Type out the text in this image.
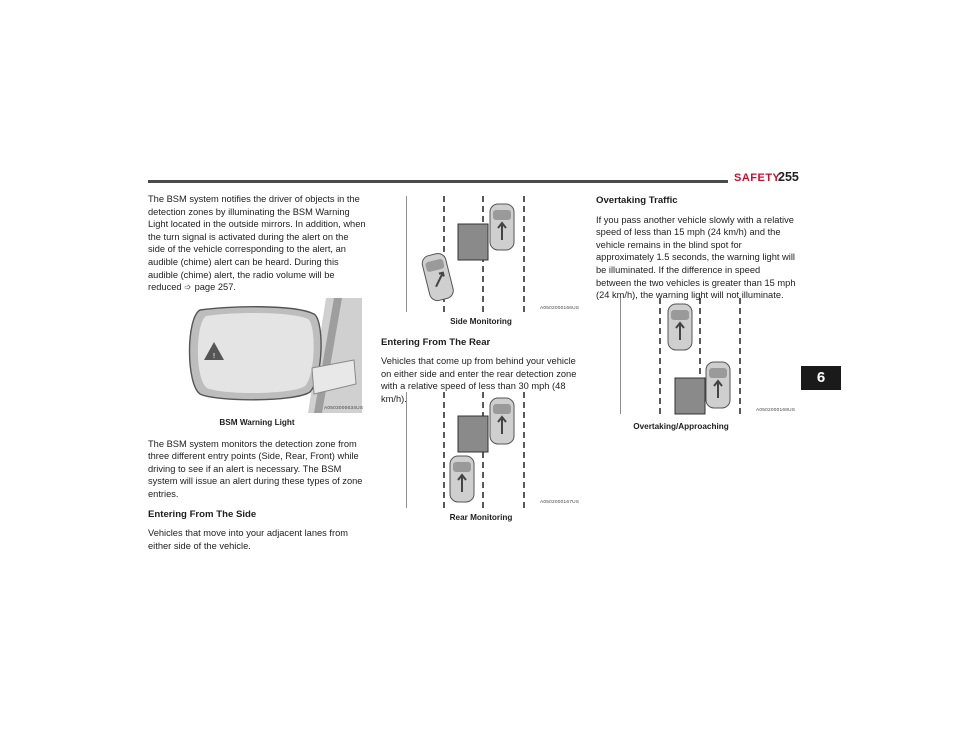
SAFETY
255

The BSM system notifies the driver of objects in the detection zones by illuminating the BSM Warning Light located in the outside mirrors. In addition, when the turn signal is activated during the alert on the side of the vehicle corresponding to the alert, an audible (chime) alert can be heard. During this audible (chime) alert, the radio volume will be reduced ➩ page 257.

!
A0503000634US
BSM Warning Light

The BSM system monitors the detection zone from three different entry points (Side, Rear, Front) while driving to see if an alert is necessary. The BSM system will issue an alert during these types of zone entries.

Entering From The Side

Vehicles that move into your adjacent lanes from either side of the vehicle.

A0502000166US
Side Monitoring
Entering From The Rear

Vehicles that come up from behind your vehicle on either side and enter the rear detection zone with a relative speed of less than 30 mph (48 km/h).

A0502000167US
Rear Monitoring
Overtaking Traffic

If you pass another vehicle slowly with a relative speed of less than 15 mph (24 km/h) and the vehicle remains in the blind spot for approximately 1.5 seconds, the warning light will be illuminated. If the difference in speed between the two vehicles is greater than 15 mph (24 km/h), the warning light will not illuminate.

A0502000168US
Overtaking/Approaching
6
